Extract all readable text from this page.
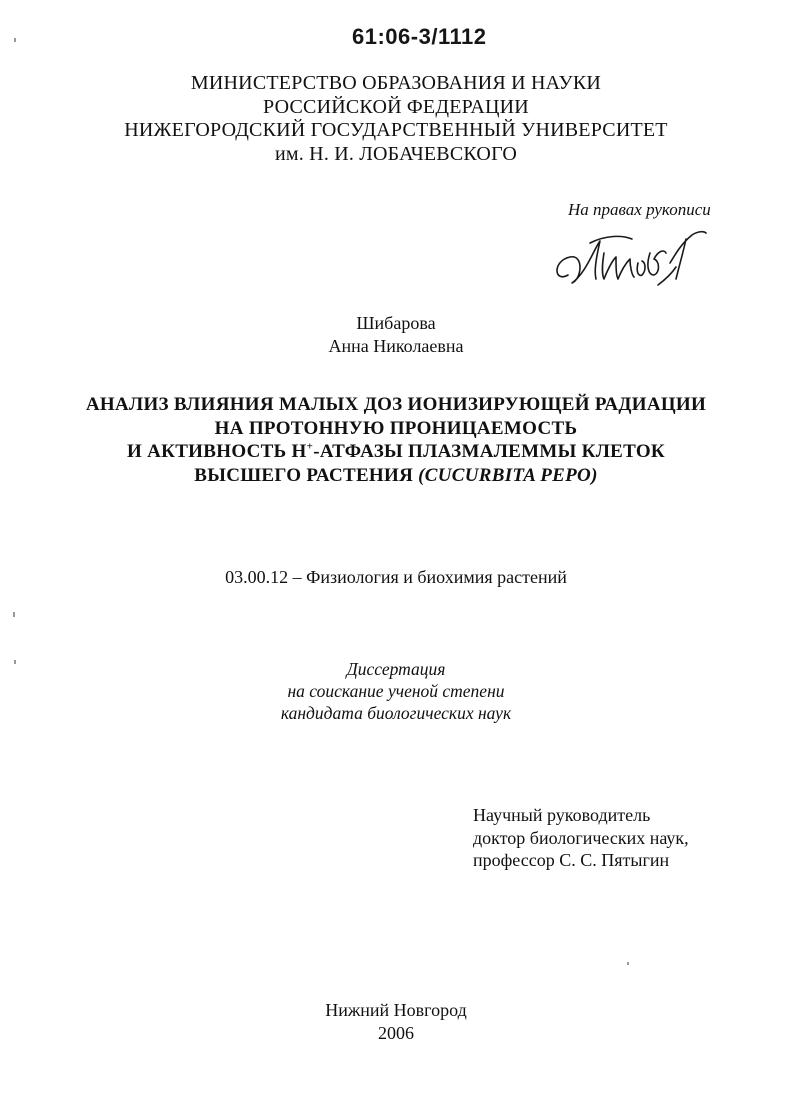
61:06-3/1112
МИНИСТЕРСТВО ОБРАЗОВАНИЯ И НАУКИ
РОССИЙСКОЙ ФЕДЕРАЦИИ
НИЖЕГОРОДСКИЙ ГОСУДАРСТВЕННЫЙ УНИВЕРСИТЕТ
им. Н. И. ЛОБАЧЕВСКОГО
На правах рукописи
Шибарова
Анна Николаевна
АНАЛИЗ ВЛИЯНИЯ МАЛЫХ ДОЗ ИОНИЗИРУЮЩЕЙ РАДИАЦИИ
НА ПРОТОННУЮ ПРОНИЦАЕМОСТЬ
И АКТИВНОСТЬ Н+-АТФАЗЫ ПЛАЗМАЛЕММЫ КЛЕТОК
ВЫСШЕГО РАСТЕНИЯ (CUCURBITA PEPO)
03.00.12 – Физиология и биохимия растений
Диссертация
на соискание ученой степени
кандидата биологических наук
Научный руководитель
доктор биологических наук,
профессор С. С. Пятыгин
Нижний Новгород
2006
